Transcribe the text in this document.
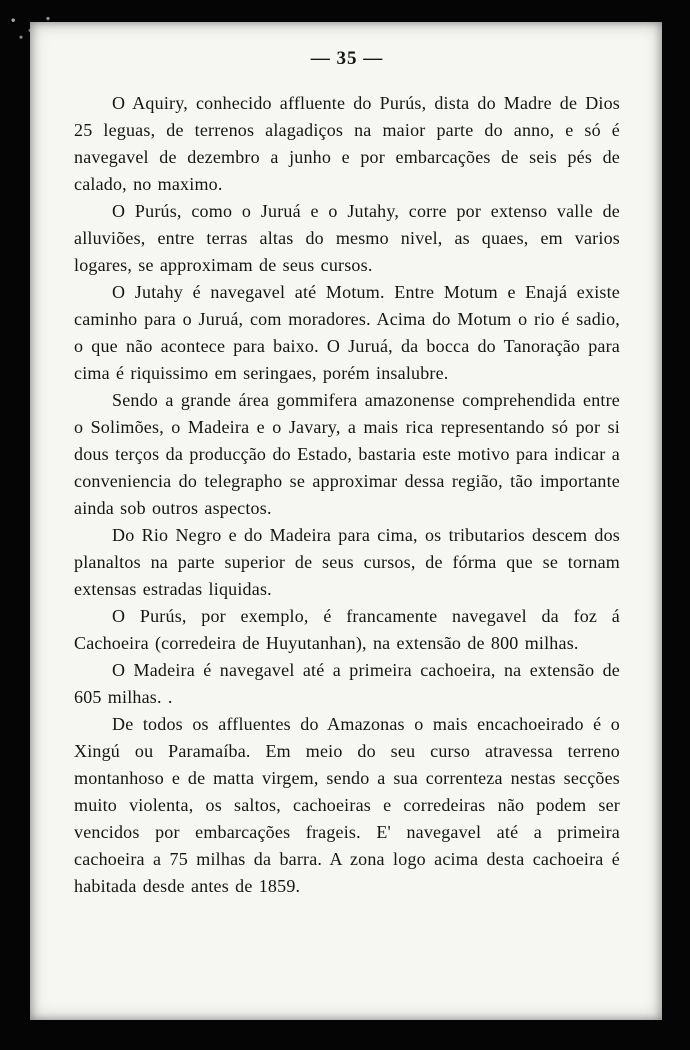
— 35 —

O Aquiry, conhecido affluente do Purús, dista do Madre de Dios 25 leguas, de terrenos alagadiços na maior parte do anno, e só é navegavel de dezembro a junho e por embarcações de seis pés de calado, no maximo.

O Purús, como o Juruá e o Jutahy, corre por extenso valle de alluviões, entre terras altas do mesmo nivel, as quaes, em varios logares, se approximam de seus cursos.

O Jutahy é navegavel até Motum. Entre Motum e Enajá existe caminho para o Juruá, com moradores. Acima do Motum o rio é sadio, o que não acontece para baixo. O Juruá, da bocca do Tanoração para cima é riquissimo em seringaes, porém insalubre.

Sendo a grande área gommifera amazonense comprehendida entre o Solimões, o Madeira e o Javary, a mais rica representando só por si dous terços da producção do Estado, bastaria este motivo para indicar a conveniencia do telegrapho se approximar dessa região, tão importante ainda sob outros aspectos.

Do Rio Negro e do Madeira para cima, os tributarios descem dos planaltos na parte superior de seus cursos, de fórma que se tornam extensas estradas liquidas.

O Purús, por exemplo, é francamente navegavel da foz á Cachoeira (corredeira de Huyutanhan), na extensão de 800 milhas.

O Madeira é navegavel até a primeira cachoeira, na extensão de 605 milhas. .

De todos os affluentes do Amazonas o mais encachoeirado é o Xingú ou Paramaíba. Em meio do seu curso atravessa terreno montanhoso e de matta virgem, sendo a sua correnteza nestas secções muito violenta, os saltos, cachoeiras e corredeiras não podem ser vencidos por embarcações frageis. E' navegavel até a primeira cachoeira a 75 milhas da barra. A zona logo acima desta cachoeira é habitada desde antes de 1859.
